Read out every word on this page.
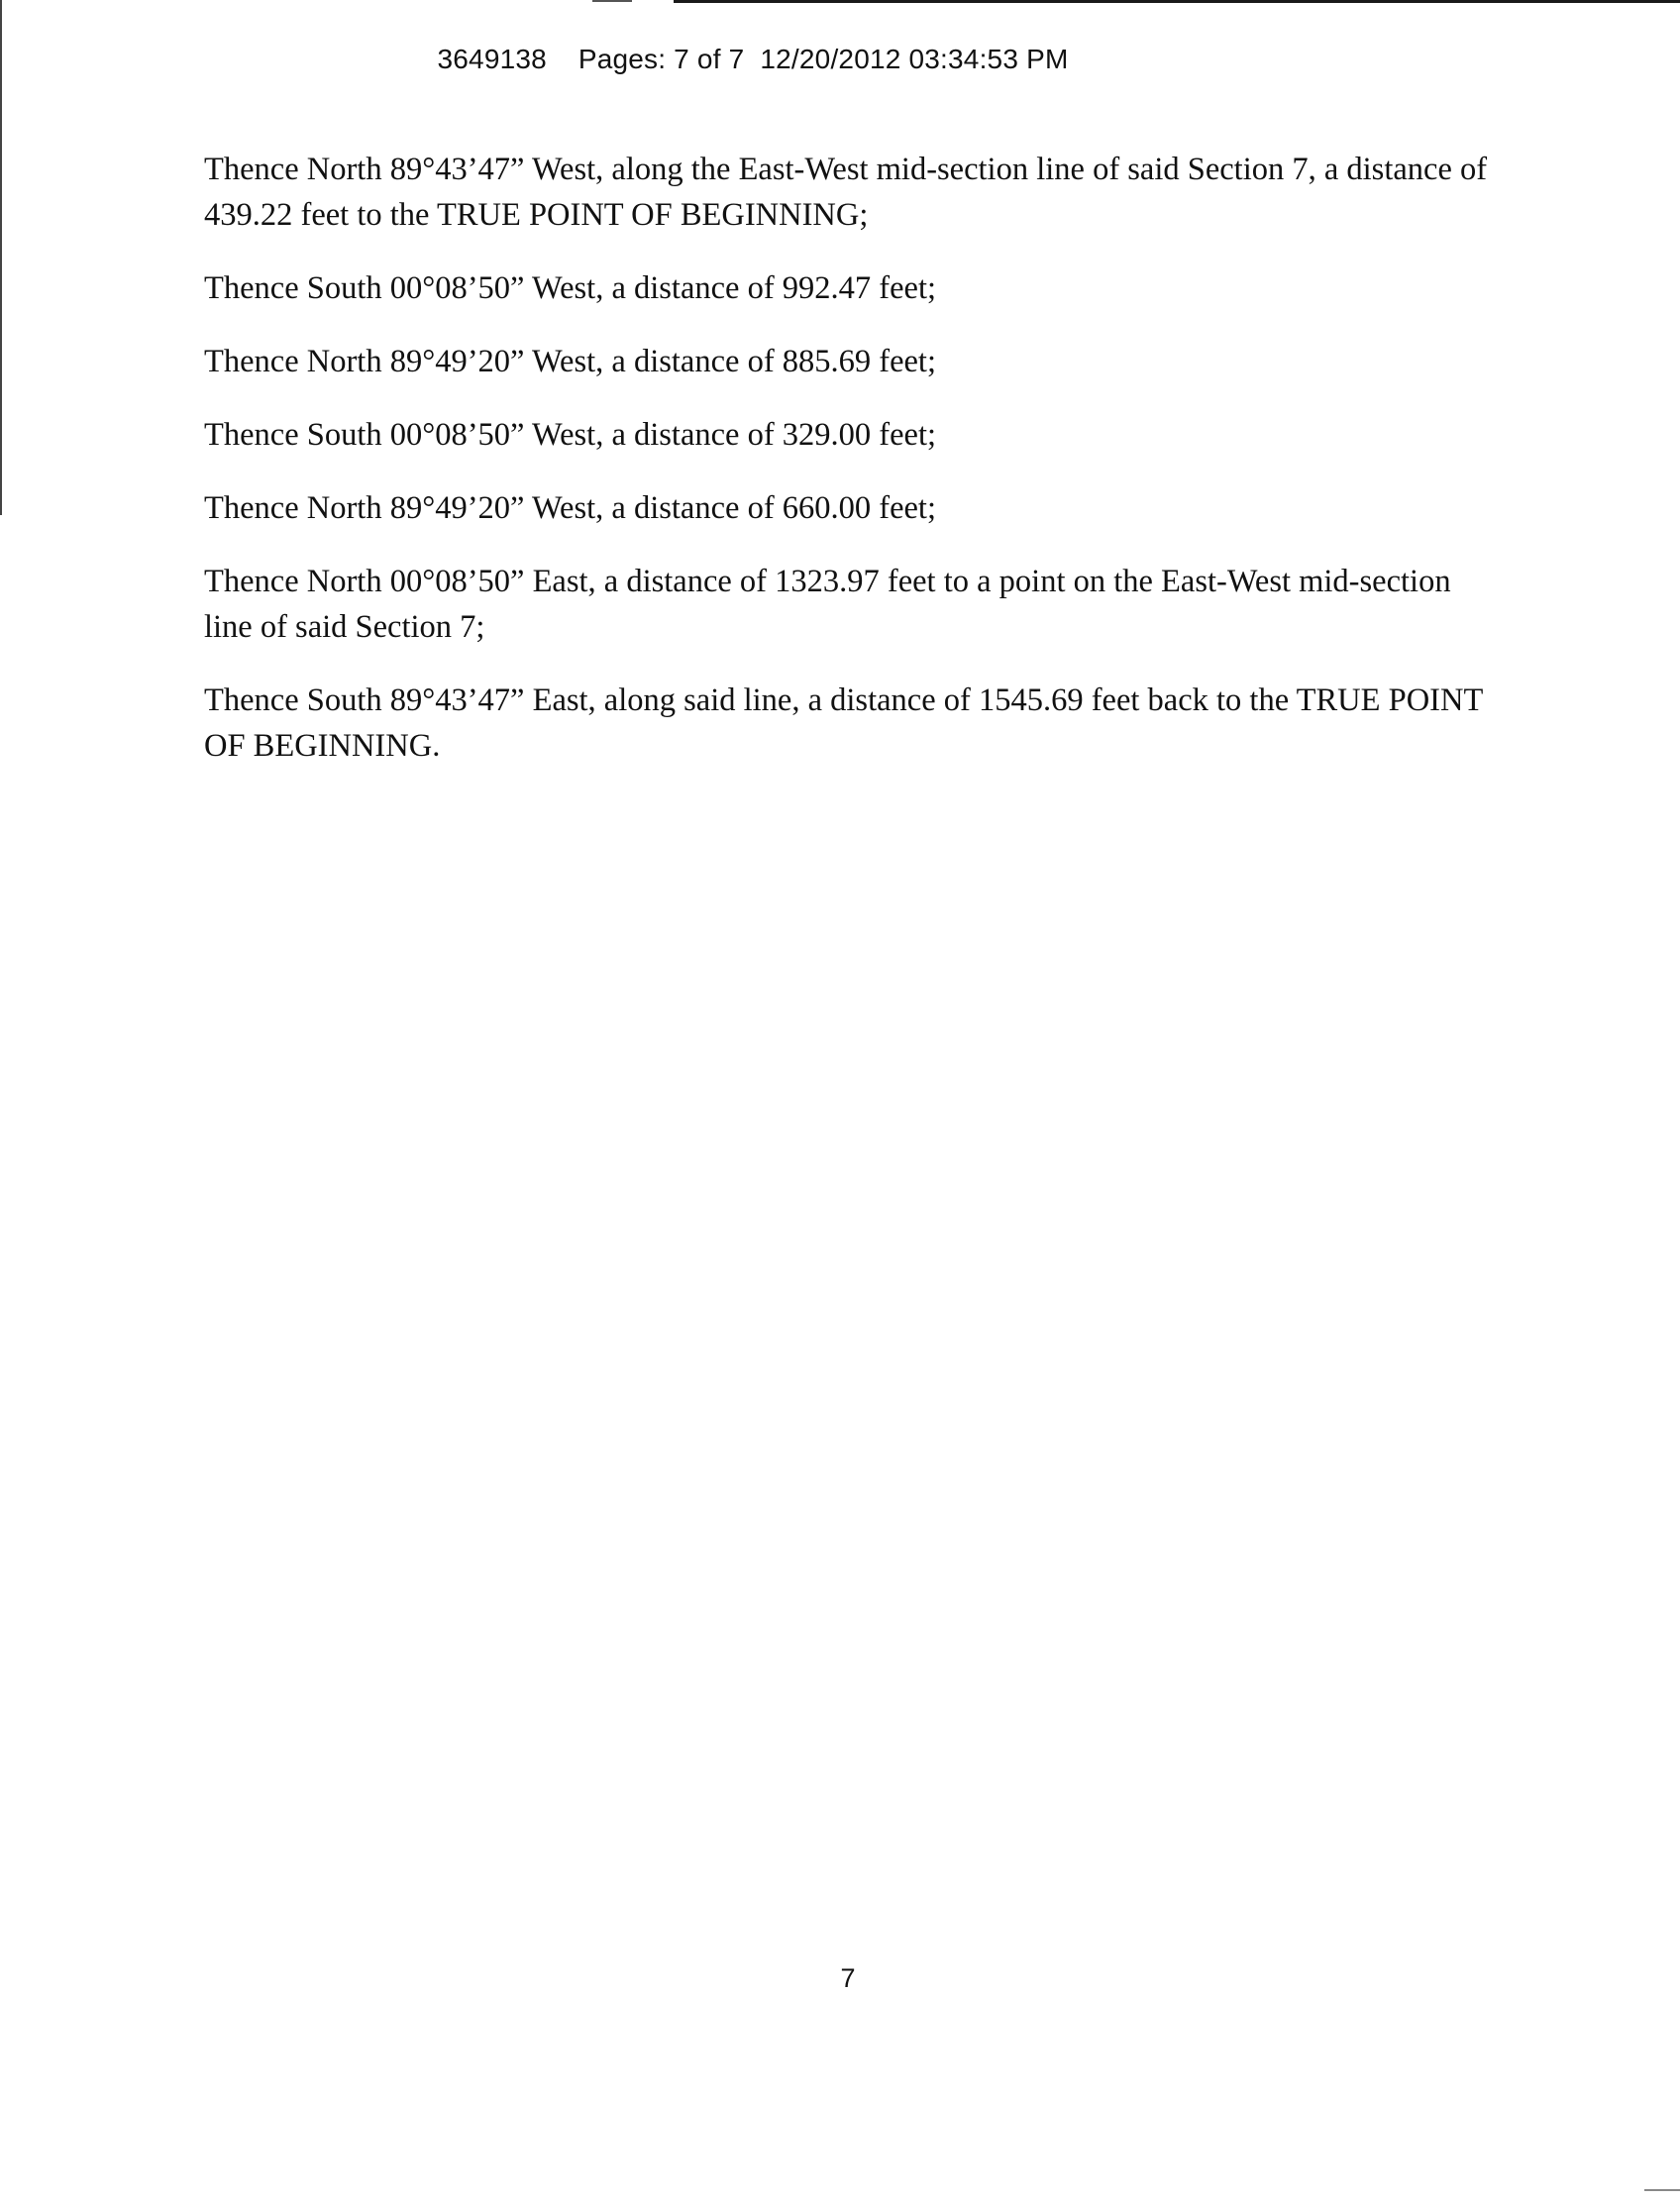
3649138    Pages: 7 of 7  12/20/2012 03:34:53 PM

Thence North 89°43’47” West, along the East-West mid-section line of said Section 7, a distance of 439.22 feet to the TRUE POINT OF BEGINNING;

Thence South 00°08’50” West, a distance of 992.47 feet;

Thence North 89°49’20” West, a distance of 885.69 feet;

Thence South 00°08’50” West, a distance of 329.00 feet;

Thence North 89°49’20” West, a distance of 660.00 feet;

Thence North 00°08’50” East, a distance of 1323.97 feet to a point on the East-West mid-section line of said Section 7;

Thence South 89°43’47” East, along said line, a distance of 1545.69 feet back to the TRUE POINT OF BEGINNING.

7
